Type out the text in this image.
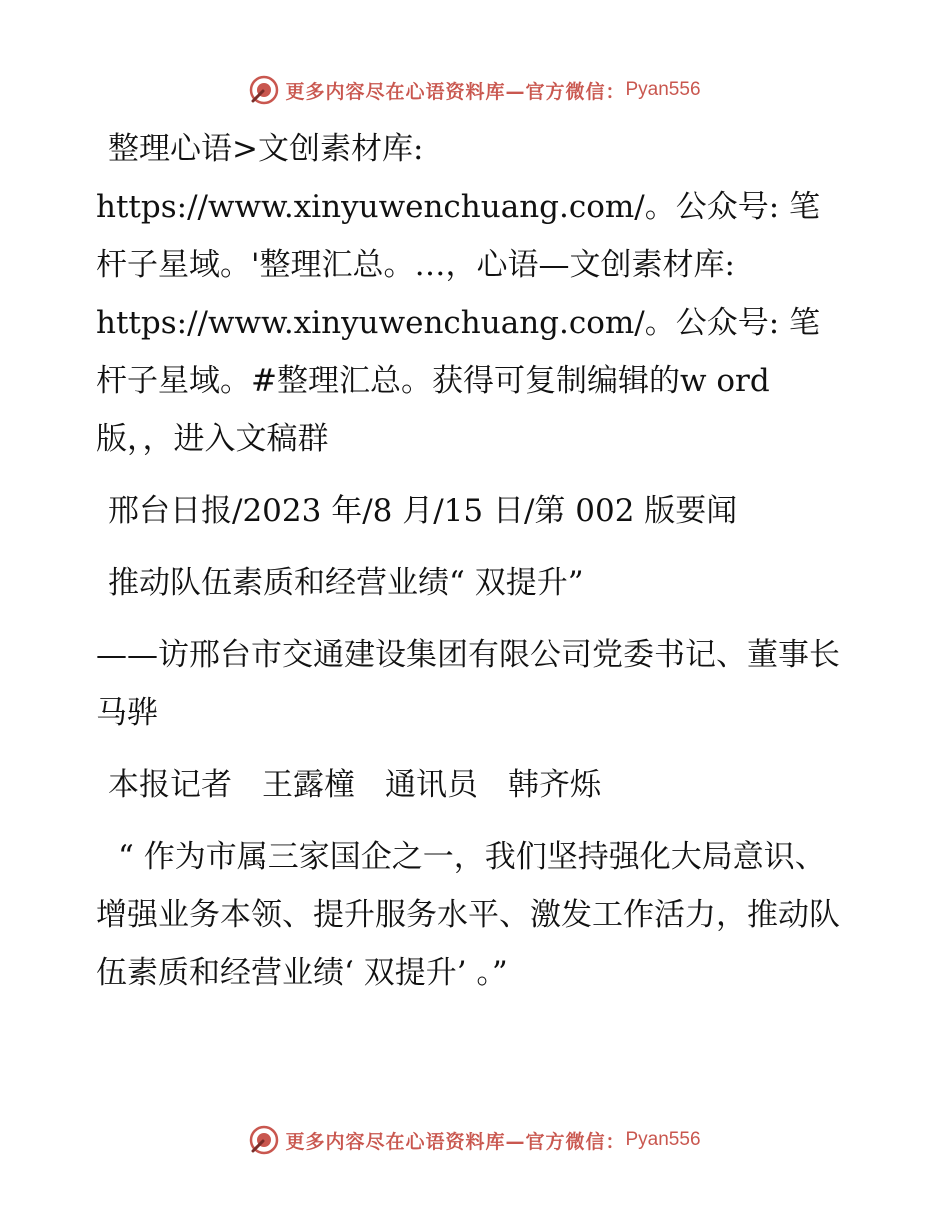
更多内容尽在心语资料库—官方微信： Pyan556

整理心语>文创素材库: https://www.xinyuwenchuang.com/。公众号: 笔杆子星域。'整理汇总。…，心语—文创素材库: https://www.xinyuwenchuang.com/。公众号: 笔杆子星域。#整理汇总。获得可复制编辑的w ord版，，进入文稿群

邢台日报/2023 年/8 月/15 日/第 002 版要闻

推动队伍素质和经营业绩“ 双提升”

——访邢台市交通建设集团有限公司党委书记、董事长马骅

本报记者 王露橦 通讯员 韩齐烁

“ 作为市属三家国企之一，我们坚持强化大局意识、增强业务本领、提升服务水平、激发工作活力，推动队伍素质和经营业绩‘ 双提升’ 。”

更多内容尽在心语资料库—官方微信： Pyan556
